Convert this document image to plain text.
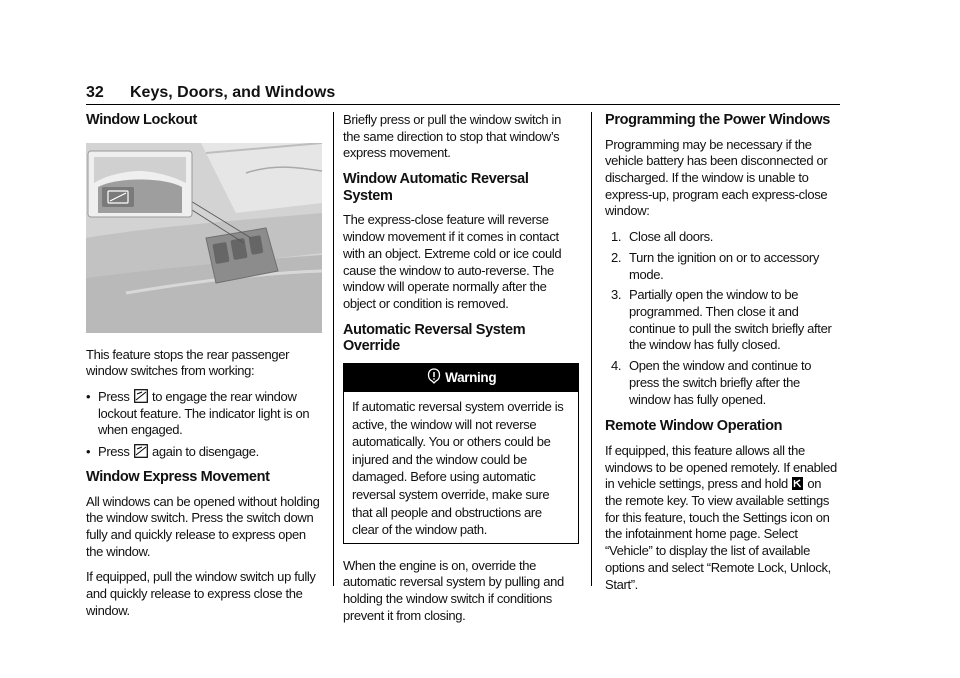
32 Keys, Doors, and Windows
Window Lockout

This feature stops the rear passenger window switches from working:

• Press to engage the rear window lockout feature. The indicator light is on when engaged.
• Press again to disengage.
Window Express Movement

All windows can be opened without holding the window switch. Press the switch down fully and quickly release to express open the window.

If equipped, pull the window switch up fully and quickly release to express close the window.

Briefly press or pull the window switch in the same direction to stop that window’s express movement.

Window Automatic Reversal System

The express-close feature will reverse window movement if it comes in contact with an object. Extreme cold or ice could cause the window to auto-reverse. The window will operate normally after the object or condition is removed.

Automatic Reversal System Override
Warning
If automatic reversal system override is active, the window will not reverse automatically. You or others could be injured and the window could be damaged. Before using automatic reversal system override, make sure that all people and obstructions are clear of the window path.

When the engine is on, override the automatic reversal system by pulling and holding the window switch if conditions prevent it from closing.

Programming the Power Windows

Programming may be necessary if the vehicle battery has been disconnected or discharged. If the window is unable to express-up, program each express-close window:

1. Close all doors.
2. Turn the ignition on or to accessory mode.
3. Partially open the window to be programmed. Then close it and continue to pull the switch briefly after the window has fully closed.
4. Open the window and continue to press the switch briefly after the window has fully opened.
Remote Window Operation

If equipped, this feature allows all the windows to be opened remotely. If enabled in vehicle settings, press and hold on the remote key. To view available settings for this feature, touch the Settings icon on the infotainment home page. Select “Vehicle” to display the list of available options and select “Remote Lock, Unlock, Start”.
